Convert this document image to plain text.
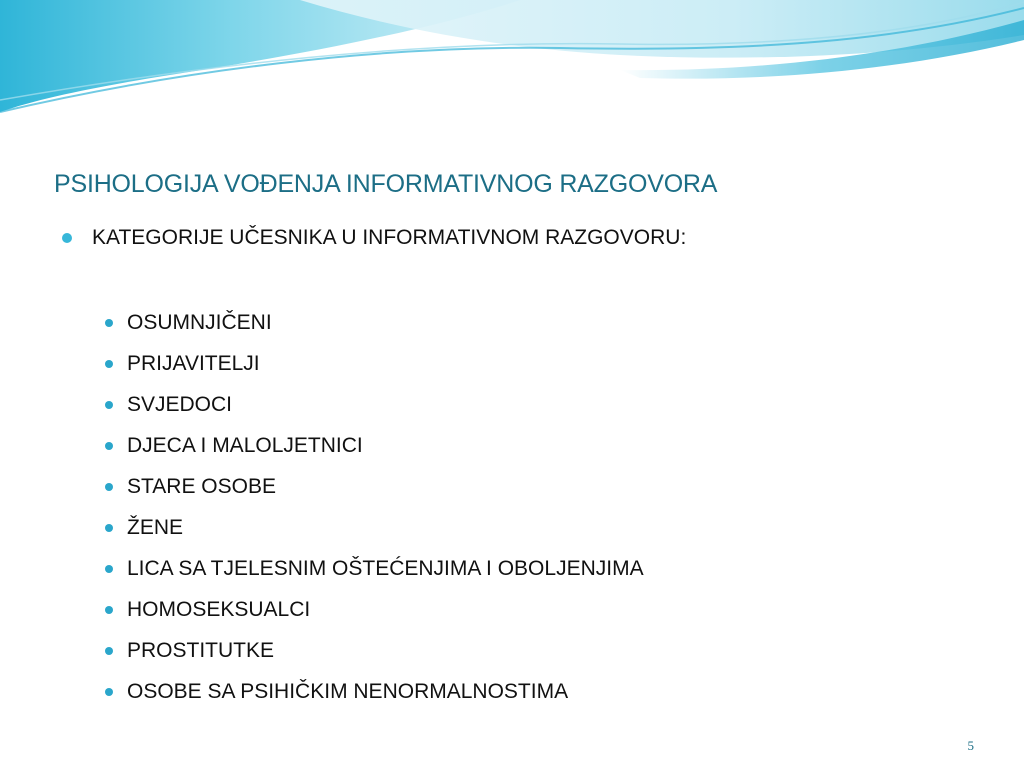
PSIHOLOGIJA VOĐENJA INFORMATIVNOG RAZGOVORA
KATEGORIJE UČESNIKA U INFORMATIVNOM RAZGOVORU:
OSUMNJIČENI
PRIJAVITELJI
SVJEDOCI
DJECA I MALOLJETNICI
STARE OSOBE
ŽENE
LICA SA TJELESNIM OŠTEĆENJIMA I OBOLJENJIMA
HOMOSEKSUALCI
PROSTITUTKE
OSOBE SA PSIHIČKIM NENORMALNOSTIMA
5
